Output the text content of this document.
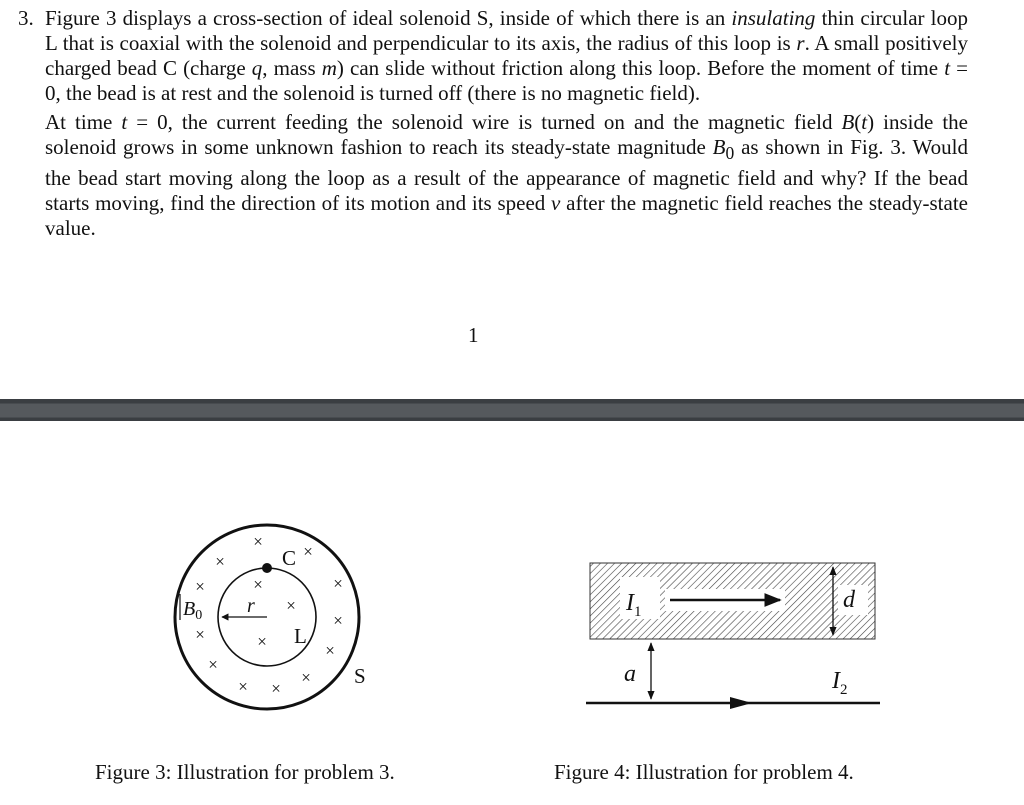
3. Figure 3 displays a cross-section of ideal solenoid S, inside of which there is an insulating thin circular loop L that is coaxial with the solenoid and perpendicular to its axis, the radius of this loop is r. A small positively charged bead C (charge q, mass m) can slide without friction along this loop. Before the moment of time t = 0, the bead is at rest and the solenoid is turned off (there is no magnetic field).
At time t = 0, the current feeding the solenoid wire is turned on and the magnetic field B(t) inside the solenoid grows in some unknown fashion to reach its steady-state magnitude $B_0$ as shown in Fig. 3. Would the bead start moving along the loop as a result of the appearance of magnetic field and why? If the bead starts moving, find the direction of its motion and its speed v after the magnetic field reaches the steady-state value.
1
×
×
×
×	×
×
×
×	×
×
×
×
× ×
×
C
r
L
S
$B_0$
Figure 3: Illustration for problem 3.
$I_1$	d
a	$I_2$
Figure 4: Illustration for problem 4.
